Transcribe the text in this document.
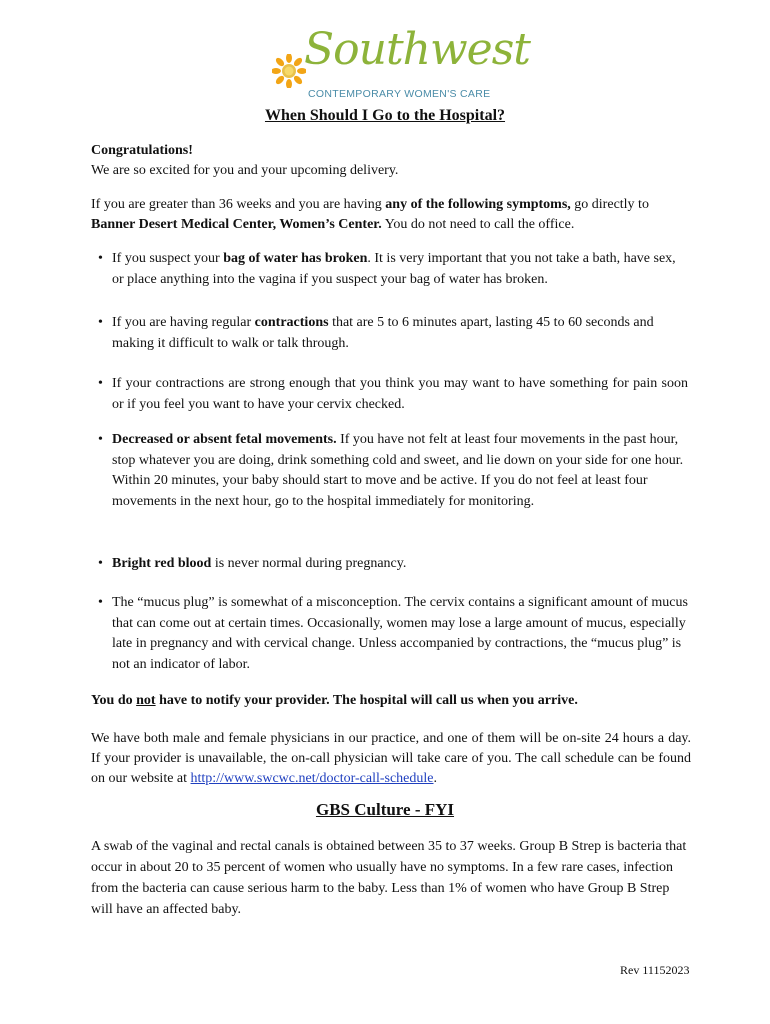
Southwest
CONTEMPORARY WOMEN'S CARE
When Should I Go to the Hospital?
Congratulations!
We are so excited for you and your upcoming delivery.
If you are greater than 36 weeks and you are having any of the following symptoms, go directly to Banner Desert Medical Center, Women’s Center. You do not need to call the office.
• If you suspect your bag of water has broken. It is very important that you not take a bath, have sex, or place anything into the vagina if you suspect your bag of water has broken.
• If you are having regular contractions that are 5 to 6 minutes apart, lasting 45 to 60 seconds and making it difficult to walk or talk through.
• If your contractions are strong enough that you think you may want to have something for pain soon or if you feel you want to have your cervix checked.
• Decreased or absent fetal movements. If you have not felt at least four movements in the past hour, stop whatever you are doing, drink something cold and sweet, and lie down on your side for one hour. Within 20 minutes, your baby should start to move and be active. If you do not feel at least four movements in the next hour, go to the hospital immediately for monitoring.
• Bright red blood is never normal during pregnancy.
• The “mucus plug” is somewhat of a misconception. The cervix contains a significant amount of mucus that can come out at certain times. Occasionally, women may lose a large amount of mucus, especially late in pregnancy and with cervical change. Unless accompanied by contractions, the “mucus plug” is not an indicator of labor.
You do not have to notify your provider. The hospital will call us when you arrive.
We have both male and female physicians in our practice, and one of them will be on-site 24 hours a day. If your provider is unavailable, the on-call physician will take care of you. The call schedule can be found on our website at http://www.swcwc.net/doctor-call-schedule.
GBS Culture - FYI
A swab of the vaginal and rectal canals is obtained between 35 to 37 weeks. Group B Strep is bacteria that occur in about 20 to 35 percent of women who usually have no symptoms. In a few rare cases, infection from the bacteria can cause serious harm to the baby. Less than 1% of women who have Group B Strep will have an affected baby.
Rev 11152023
